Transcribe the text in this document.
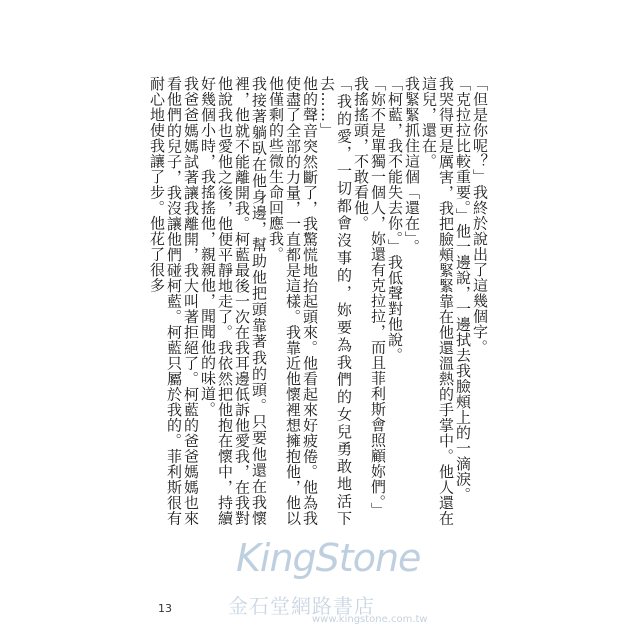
「但是你呢？」我終於說出了這幾個字。

「克拉拉比較重要。」他一邊說，一邊拭去我臉頰上的一滴淚。

我哭得更是厲害，我把臉頰緊緊靠在他還溫熱的手掌中。他人還在這兒，還在。

我緊緊抓住這個「還在」。

「柯藍，我不能失去你。」我低聲對他說。

「妳不是單獨一個人，妳還有克拉拉，而且菲利斯會照顧妳們。」

我搖搖頭，不敢看他。

「我的愛，一切都會沒事的，妳要為我們的女兒勇敢地活下去……」

他的聲音突然斷了，我驚慌地抬起頭來。他看起來好疲倦。他為我使盡了全部的力量，一直都是這樣。我靠近他懷裡想擁抱他，他以他僅剩的些微生命回應我。

我接著躺臥在他身邊，幫助他把頭靠著我的頭。只要他還在我懷裡，他就不能離開我。柯藍最後一次在我耳邊低訴他愛我，在我對他說我也愛他之後，他便平靜地走了。我依然把他抱在懷中，持續好幾個小時，我搖搖他，親親他，聞聞他的味道。

我爸爸媽媽試著讓我離開，我大叫著拒絕了。柯藍的爸爸媽媽也來看他們的兒子，我沒讓他們碰柯藍。柯藍只屬於我的。菲利斯很有耐心地使我讓了步。他花了很多

13
KingStone
金石堂網路書店
www.kingstone.com.tw
